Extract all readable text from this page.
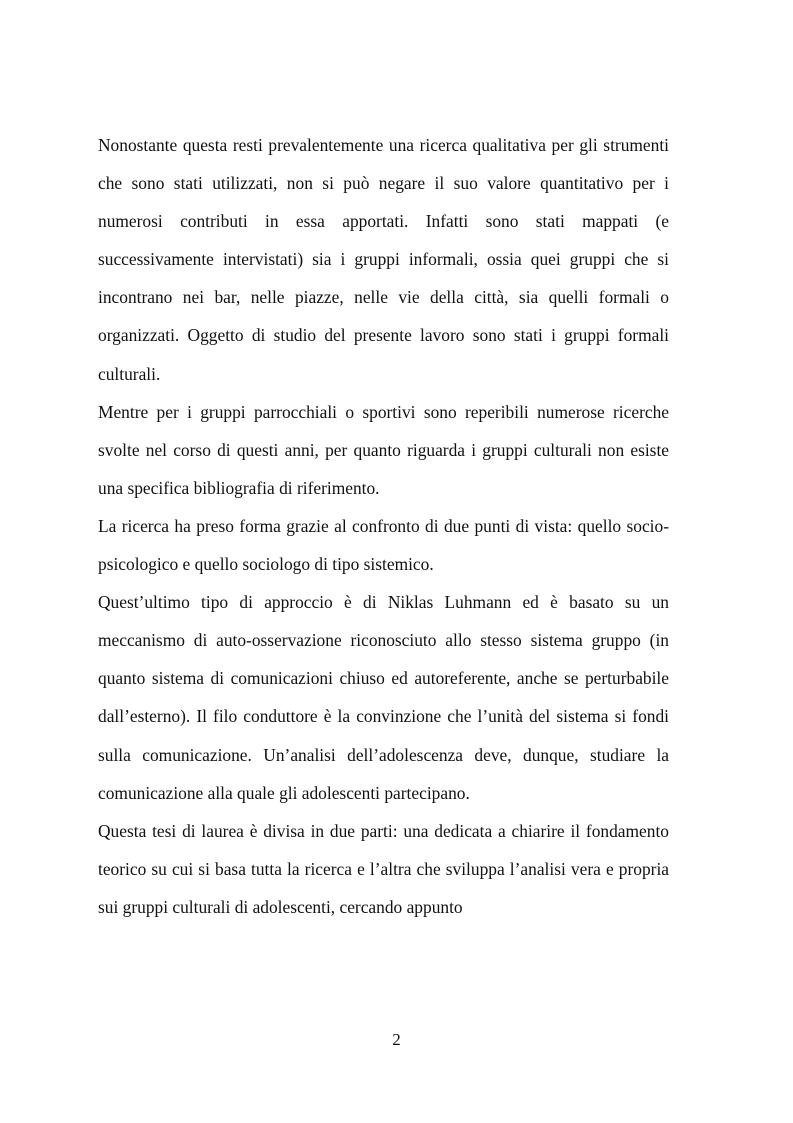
Nonostante questa resti prevalentemente una ricerca qualitativa per gli strumenti che sono stati utilizzati, non si può negare il suo valore quantitativo per i numerosi contributi in essa apportati. Infatti sono stati mappati (e successivamente intervistati) sia i gruppi informali, ossia quei gruppi che si incontrano nei bar, nelle piazze, nelle vie della città, sia quelli formali o organizzati. Oggetto di studio del presente lavoro sono stati i gruppi formali culturali.

Mentre per i gruppi parrocchiali o sportivi sono reperibili numerose ricerche svolte nel corso di questi anni, per quanto riguarda i gruppi culturali non esiste una specifica bibliografia di riferimento.

La ricerca ha preso forma grazie al confronto di due punti di vista: quello socio-psicologico e quello sociologo di tipo sistemico.

Quest’ultimo tipo di approccio è di Niklas Luhmann ed è basato su un meccanismo di auto-osservazione riconosciuto allo stesso sistema gruppo (in quanto sistema di comunicazioni chiuso ed autoreferente, anche se perturbabile dall’esterno). Il filo conduttore è la convinzione che l’unità del sistema si fondi sulla comunicazione. Un’analisi dell’adolescenza deve, dunque, studiare la comunicazione alla quale gli adolescenti partecipano.

Questa tesi di laurea è divisa in due parti: una dedicata a chiarire il fondamento teorico su cui si basa tutta la ricerca e l’altra che sviluppa l’analisi vera e propria sui gruppi culturali di adolescenti, cercando appunto

2
